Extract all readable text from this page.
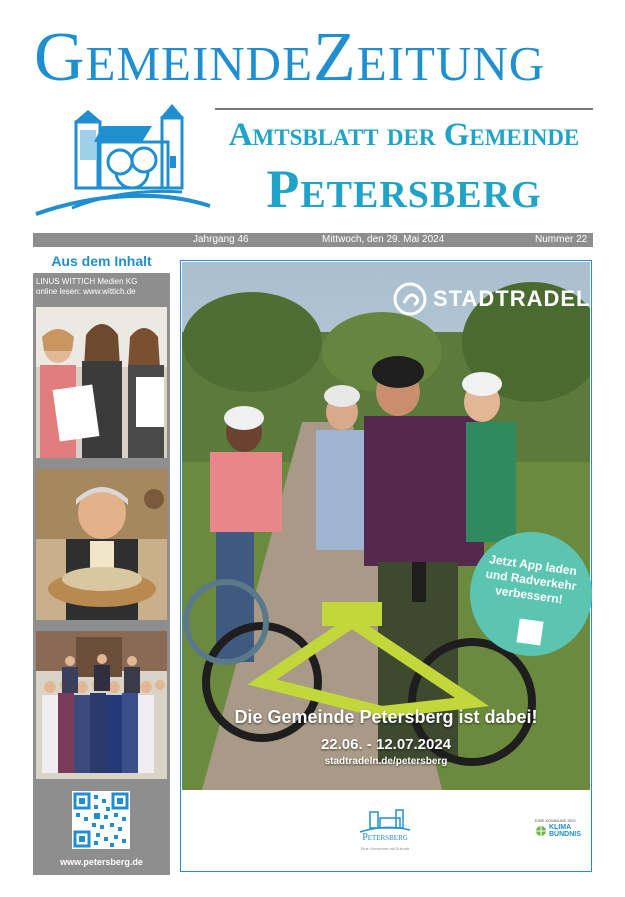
GemeindeZeitung
Amtsblatt der Gemeinde
Petersberg
Jahrgang 46	Mittwoch, den 29. Mai 2024	Nummer 22
Aus dem Inhalt
LINUS WITTICH Medien KG
online lesen: www.wittich.de
www.petersberg.de
STADTRADELN
Jetzt App laden und Radverkehr verbessern!
Die Gemeinde Petersberg ist dabei!
22.06. - 12.07.2024
stadtradeln.de/petersberg
Petersberg
Eine Gemeinde mit Zukunft
EINE KOMMUNE DES
KLIMA BÜNDNIS
